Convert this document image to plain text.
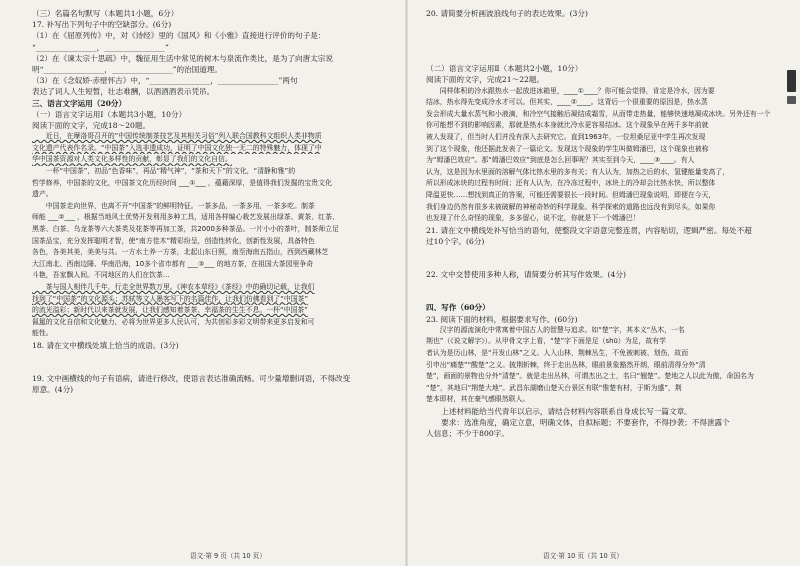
（三）名篇名句默写（本题共1小题，6分）
17. 补写出下列句子中的空缺部分。(6分)
（1）在《屈原列传》中，对《诗经》里的《国风》和《小雅》直接进行评价的句子是：
“________________，________________”
（2）在《谏太宗十思疏》中，魏征用生活中常见的树木与泉流作类比，是为了向唐太宗说
明“________________，________________”的治国道理。
（3）在《念奴娇·赤壁怀古》中，“________________，________________”两句
表达了词人人生短暂，壮志难酬，以酒酒酒表示凭吊。
三、语言文字运用（20分）
（一）语言文字运用Ⅰ（本题共3小题，10分）
阅读下面的文字，完成18～20题。
　　近日，在摩洛哥召开的“中国传统制茶技艺及其相关习俗”列入联合国教科文组织人类非物质
文化遗产代表作名录。“中国茶”入选非遗成功，证明了中国文化独一无二的特殊魅力，体现了中
华中国茶资源对人类文化多样性的贡献，彰显了我们的文化自信。
　　一杯“中国茶”，初品“色香味”，再品“精气神”，“茶和天下”的文化，“清静和雅”的
哲学修养，中国茶的文化，中国茶文化历经时间 ___①___ ，蕴藉深厚，是值得我们发掘的宝贵文化
遗产。
　　中国茶走向世界，也离不开“中国茶”的鲜明特征。一茶多品，一茶多用，一茶多吃。制茶
师能 ___②___ ，根据当地风土优势开发利用多种工具，适用各样编心栽艺发展出绿茶、黄茶、红茶、
黑茶、白茶、乌龙茶等六大茶类及花茶等再加工茶，共2000多种茶品。一片小小的茶叶，制茶师立足
国茶品宝，充分发挥聪明才智，使“南方佳木”精彩纷呈，创造性转化，创新性发展，具备特色
各色，各美其美，美美与共。一方水土养一方茶，北起山东日照，南至海南五指山，西到西藏林芝
大江南北、西南边陲、华南沿海，10多个省市都有 ___③___ 的地方茶，在祖国大茶园里争奇
斗艳，吾家飘人间。不同地区的人们在饮茶...
　　茶与国人相伴几千年，行走全世界数万里。《神农本草经》《茶经》中的确切记载，让我们
找到了“中国茶”的文化源头；苏轼等文人墨客写下的名篇佳作，让我们仿佛看到了“中国茶”
的流光溢彩；新时代以来茶就发展，让我们感知着茶茶、幸福茶的生生不息。一杯“中国茶”
氤氲的文化自信和文化魅力，必将为世界更多人民认可，为共创彩多彩文明带来更多启发和可
能性。
18. 请在文中横线处填上恰当的成语。(3分)
19. 文中画横线的句子有语病，请进行修改，使语言表达准确流畅。可少量增删词语，不得改变
原意。(4分)
语文·第 9 页（共 10 页）
20. 请简要分析画波浪线句子的表达效果。(3分)
（二）语言文字运用Ⅱ（本题共2小题，10分）
阅读下面的文字，完成21～22题。
　　同样体积的冷水跟热水一起放进冰箱里，____①____？你可能会觉得，肯定是冷水，因为要
结冰，热水得先变成冷水才可以。但其实，____②____。这背后一个很重要的原因是，热水蒸
发会形成大量水蒸气和小液滴，和冷空气接触后凝结成霜雪，从而带走热量，能够快速地凝成冰块。另外还有一个
你可能想不到的影响因素，那就是热水本身就比冷水更容易结冰。这个现象早在两千多年前就
被人发现了，但当时人们并没有深入去研究它。直到1963年，一位坦桑尼亚中学生再次发现
到了这个现象，他还据此发表了一篇论文。发现这个现象的学生叫做姆潘巴，这个现象也被称
为“姆潘巴效应”。那“姆潘巴效应”到底是怎么回事呢？其实至到今天，____③____。有人
认为，这是因为水里面的溶解气体比热水里的多有关；有人认为，加热之后的水，氢键能量变高了，
所以形成冰块的过程有时间；还有人认为，在冷冻过程中，冰块上的冷却会比热水快，所以整体
降温更快……想找到真正的答案，可能还需要很长一段时间。但姆潘巴现象说明，即便在今天，
我们身边仍然有很多未被破解的神秘奇妙的科学现象。科学探索的道路也远没有到尽头，如果你
也发现了什么奇怪的现象，多多留心，说不定，你就是下一个姆潘巴！
21. 请在文中横线处补写恰当的语句，使整段文字语意完整连贯，内容贴切，逻辑严密。每处不超
过10个字。(6分)
22. 文中交替使用多种人称，请简要分析其写作效果。(4分)
四、写作（60分）
23. 阅读下面的材料，根据要求写作。(60分)
　　汉字的源流演化中常寓着中国古人的智慧与追求。如“楚”字，其本义“丛木，一名
荆也”（《说文解字》）。从甲骨文字上看，“楚”字下面是足（shū）为足，故有学
者认为是历山林，是“开发山林”之义。人入山林，荆棘丛生，不免被刺被、划伤，故而
引申出“痛楚”“酸楚”之义。披荆斩棘，终于走出丛林，眼前景象豁然开朗，眼前清得分外“清
楚”，画面的景物也分外“清楚”。就是走出丛林，可谓杰出之士，名曰“翘楚”。楚地之人以此为傲，命国名为
“楚”，其地曰“荆楚大地”。武昌东湖磨山楚天台景区有联“惟楚有材，于斯为盛”，荆
楚本即材，其在豪气感眼然联人。
　　上述材料能给当代青年以启示，请结合材料内容联系自身成长写一篇文章。
　　要求：选准角度，确定立意，明确文体，自拟标题；不要套作，不得抄袭；不得泄露个
人信息；不少于800字。
语文·第 10 页（共 10 页）
